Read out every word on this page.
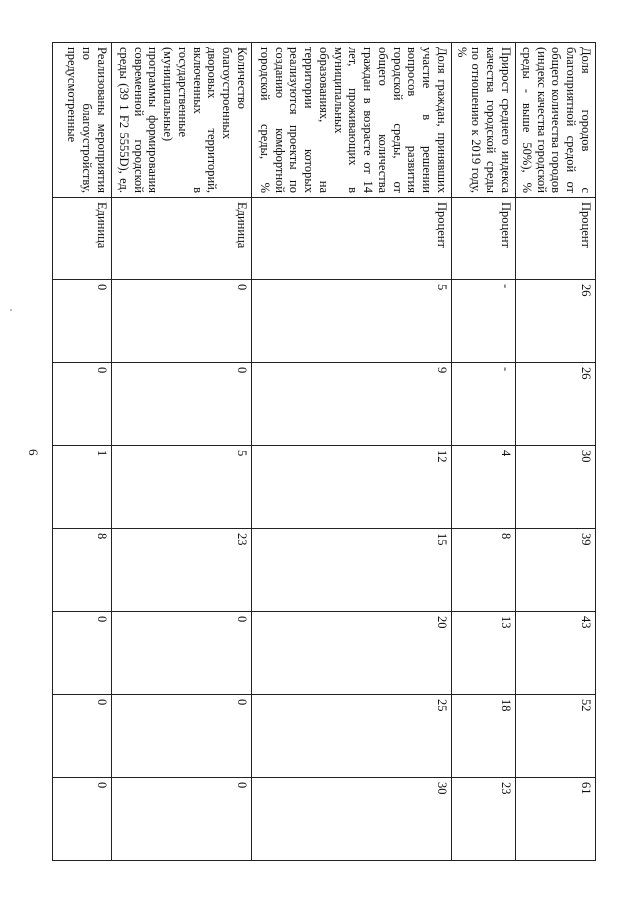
6
Доля городов с благоприятной средой от общего количества городов (индекс качества городской среды - выше 50%), %	Процент	26	26	30	39	43	52	61
Прирост среднего индекса качества городской среды по отношению к 2019 году, %	Процент	-	-	4	8	13	18	23
Доля граждан, принявших участие в решении вопросов развития городской среды, от общего количества граждан в возрасте от 14 лет, проживающих в муниципальных образованиях, на территории которых реализуются проекты по созданию комфортной городской среды, %	Процент	5	9	12	15	20	25	30
Количество благоустроенных дворовых территорий, включенных в государственные (муниципальные) программы формирования современной городской среды (39 1 F2 5555D), ед.	Единица	0	0	5	23	0	0	0
Реализованы мероприятия по благоустройству, предусмотренные	Единица	0	0	1	8	0	0	0
